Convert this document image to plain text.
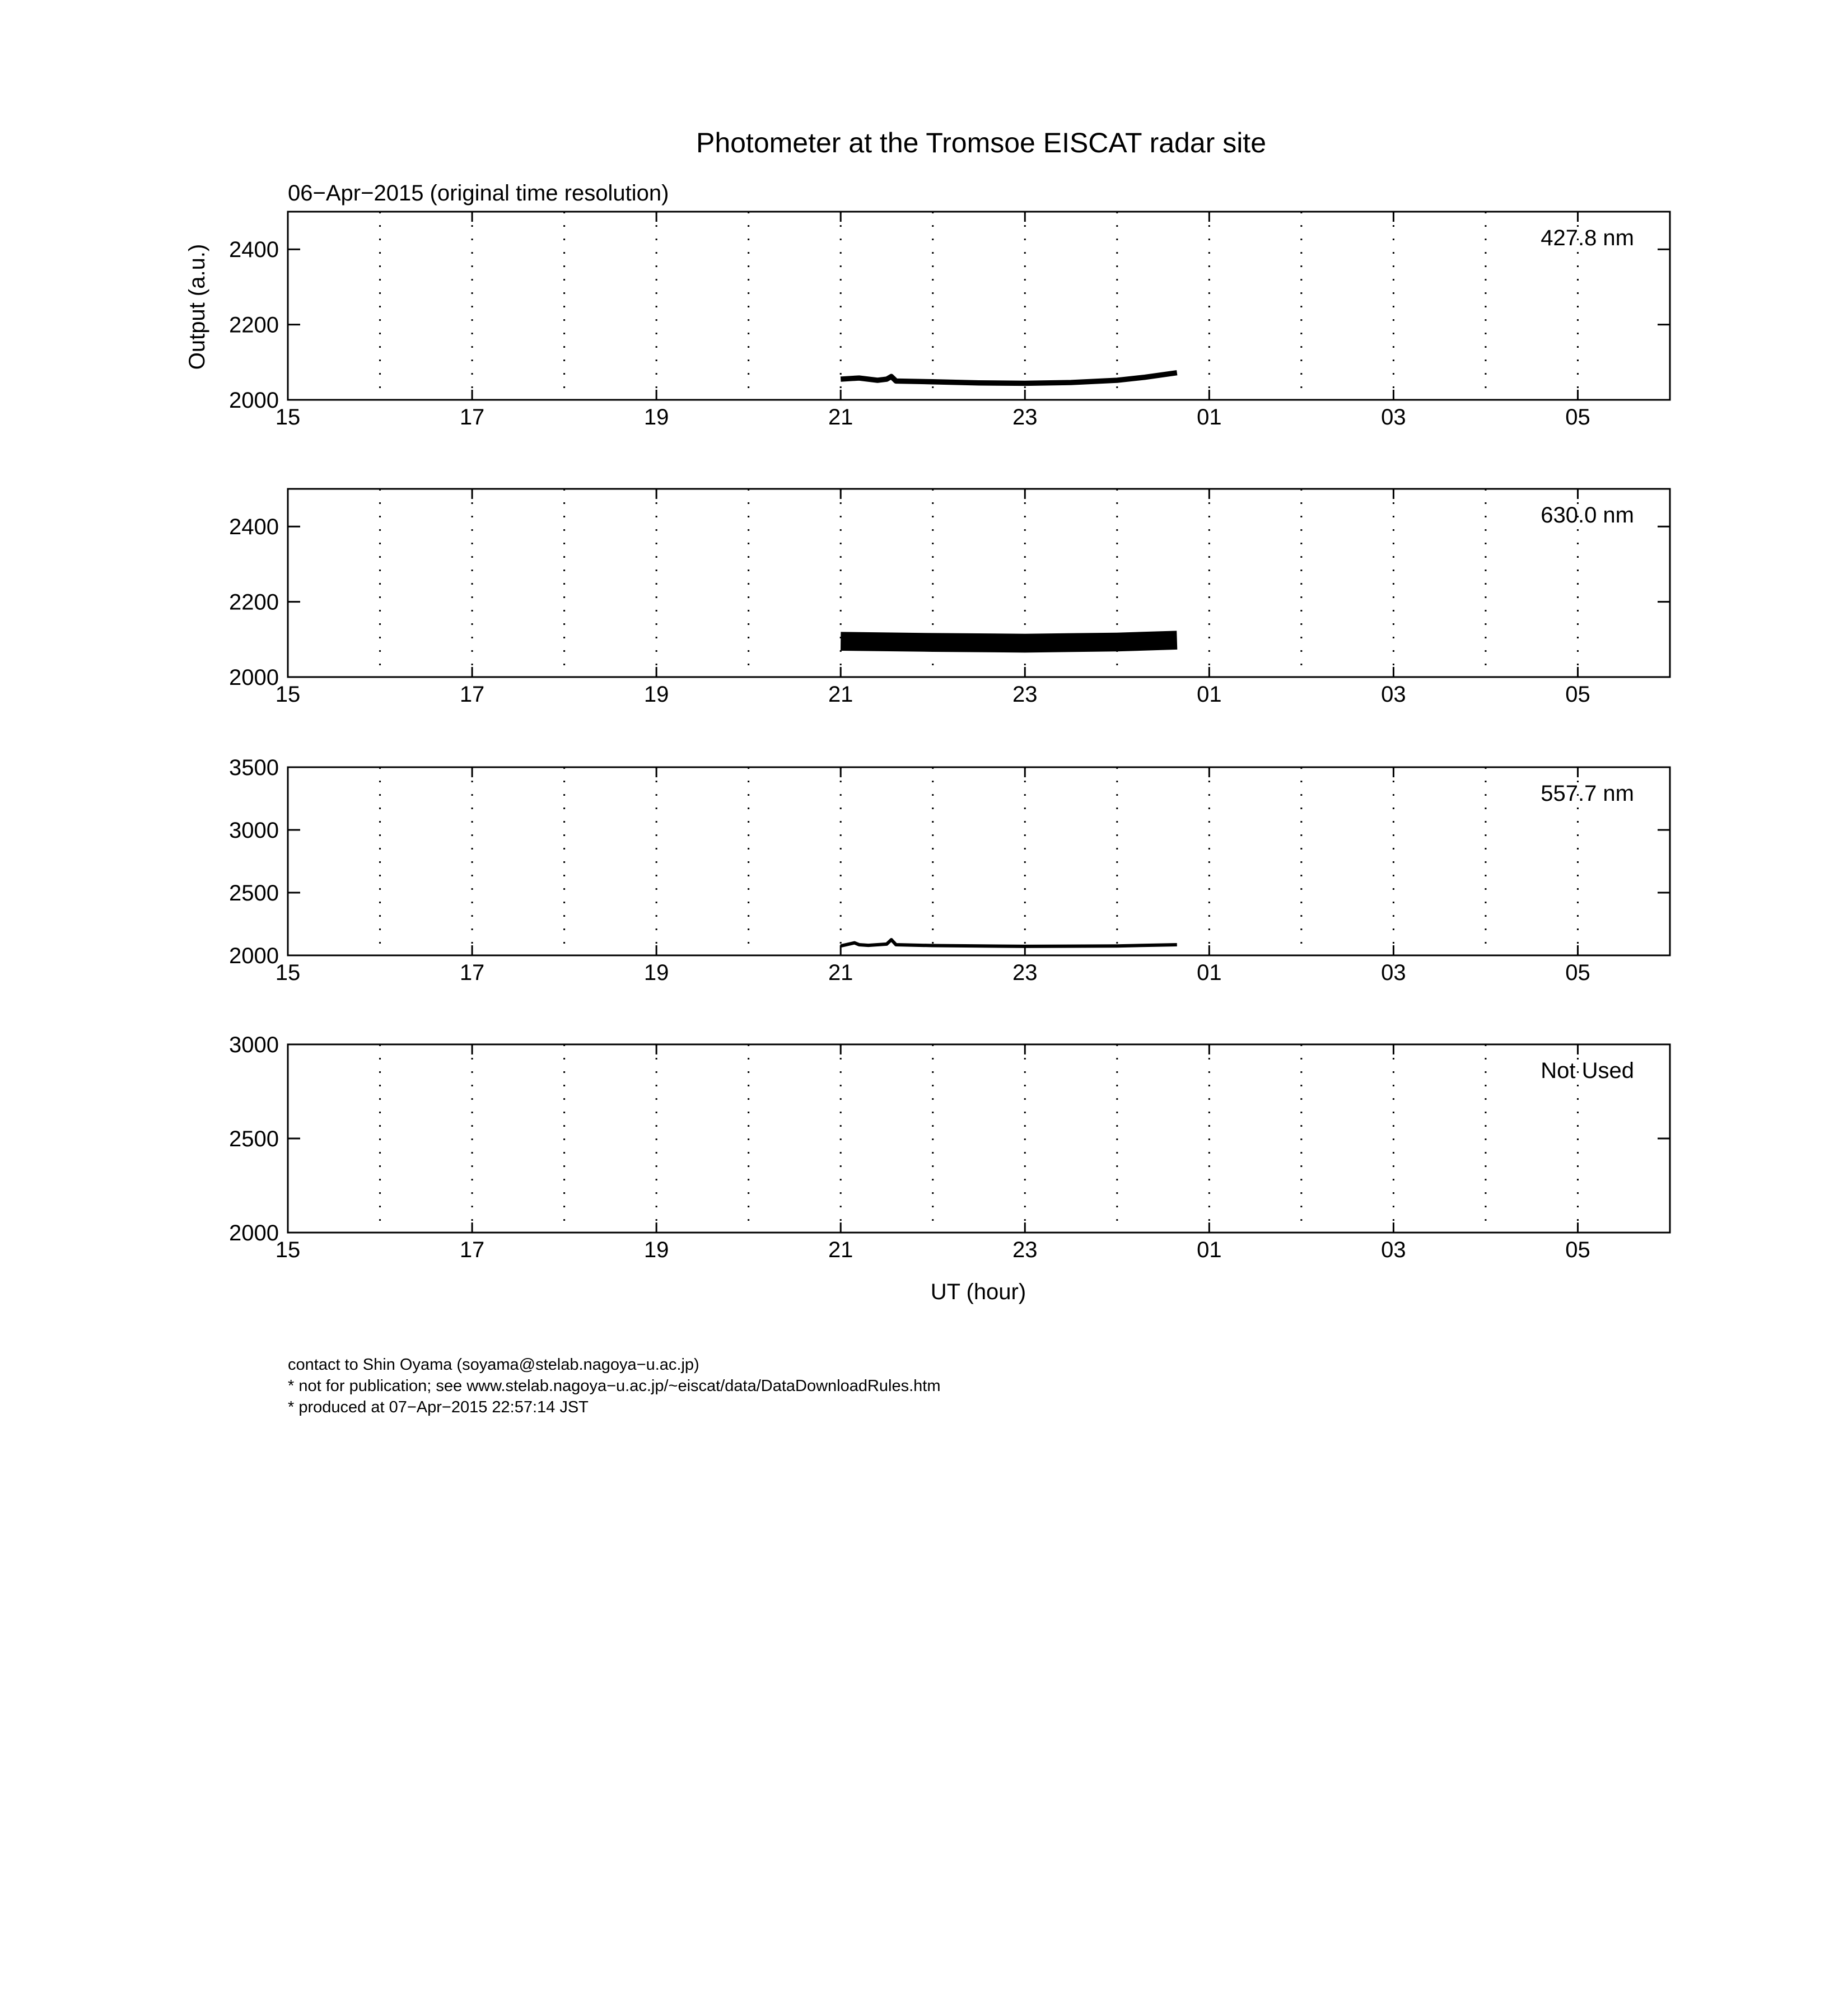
Photometer at the Tromsoe EISCAT radar site
06−Apr−2015 (original time resolution)
Output (a.u.)
UT (hour)
15	17	19	21	23	01	03	05
2000
2200
2400	427.8 nm
15	17	19	21	23	01	03	05
2000
2200
2400	630.0 nm
15	17	19	21	23	01	03	05
2000
2500
3000
3500
557.7 nm
15	17	19	21	23	01	03	05
2000
2500
3000
Not Used
contact to Shin Oyama (soyama@stelab.nagoya−u.ac.jp)
* not for publication; see www.stelab.nagoya−u.ac.jp/~eiscat/data/DataDownloadRules.htm
* produced at 07−Apr−2015 22:57:14 JST
